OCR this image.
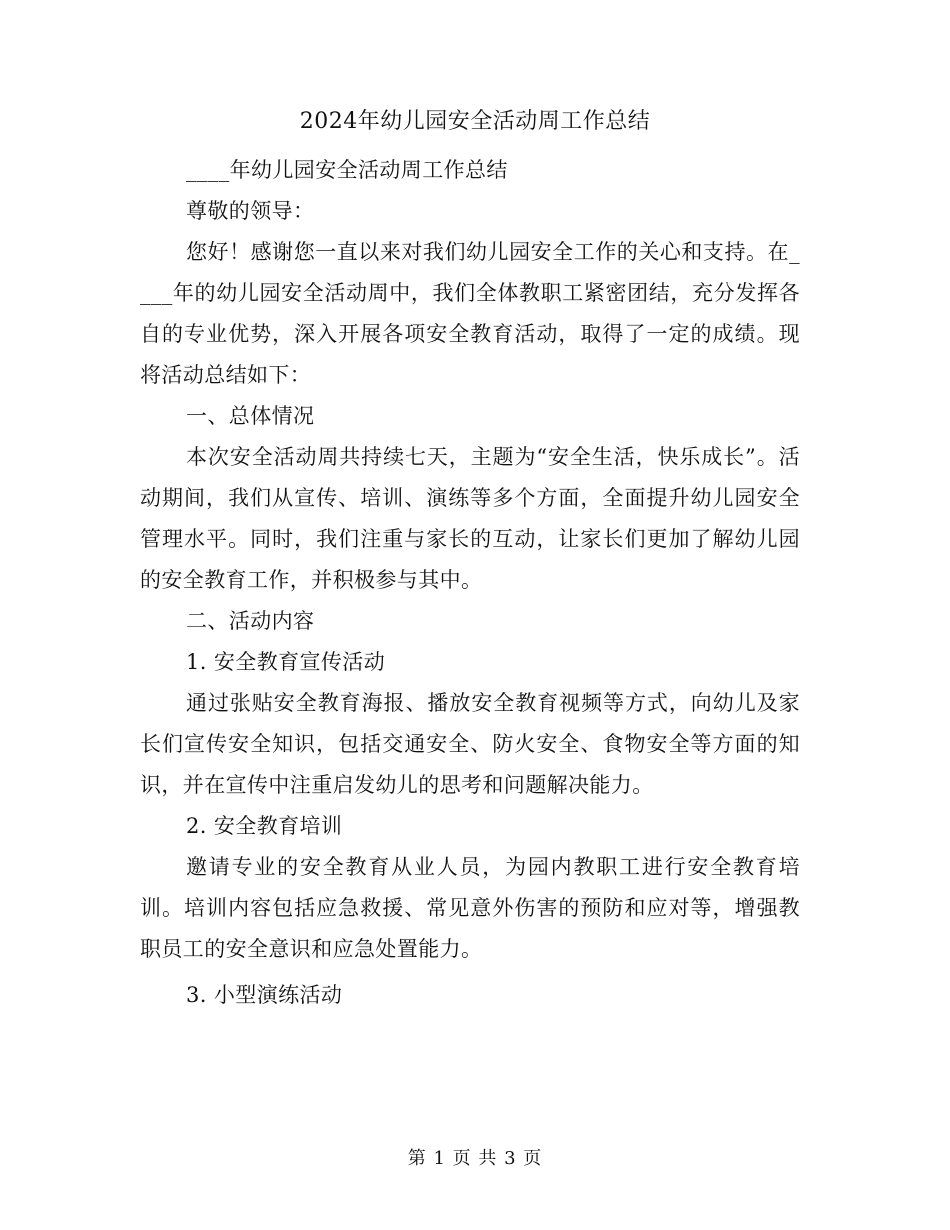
2024年幼儿园安全活动周工作总结

____年幼儿园安全活动周工作总结

尊敬的领导：

您好！感谢您一直以来对我们幼儿园安全工作的关心和支持。在____年的幼儿园安全活动周中，我们全体教职工紧密团结，充分发挥各自的专业优势，深入开展各项安全教育活动，取得了一定的成绩。现将活动总结如下：

一、总体情况

本次安全活动周共持续七天，主题为“安全生活，快乐成长”。活动期间，我们从宣传、培训、演练等多个方面，全面提升幼儿园安全管理水平。同时，我们注重与家长的互动，让家长们更加了解幼儿园的安全教育工作，并积极参与其中。

二、活动内容

1. 安全教育宣传活动

通过张贴安全教育海报、播放安全教育视频等方式，向幼儿及家长们宣传安全知识，包括交通安全、防火安全、食物安全等方面的知识，并在宣传中注重启发幼儿的思考和问题解决能力。

2. 安全教育培训

邀请专业的安全教育从业人员，为园内教职工进行安全教育培训。培训内容包括应急救援、常见意外伤害的预防和应对等，增强教职员工的安全意识和应急处置能力。

3. 小型演练活动

第 1 页 共 3 页
